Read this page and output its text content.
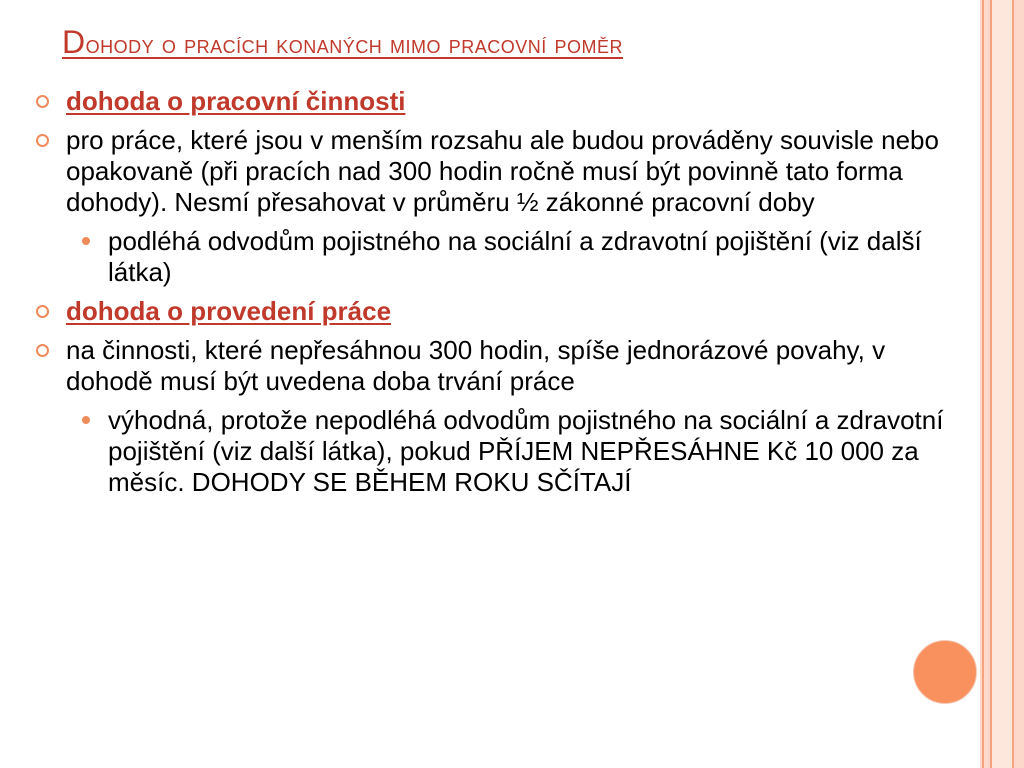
Dohody o pracích konaných mimo pracovní poměr
dohoda o pracovní činnosti
pro práce, které jsou v menším rozsahu ale budou prováděny souvisle nebo opakovaně (při pracích nad 300 hodin ročně musí být povinně tato forma dohody). Nesmí přesahovat v průměru ½ zákonné pracovní doby
podléhá odvodům pojistného na sociální a zdravotní pojištění (viz další látka)
dohoda o provedení práce
na činnosti, které nepřesáhnou 300 hodin, spíše jednorázové povahy, v dohodě musí být uvedena doba trvání práce
výhodná, protože nepodléhá odvodům pojistného na sociální a zdravotní pojištění (viz další látka), pokud PŘÍJEM NEPŘESÁHNE Kč 10 000 za měsíc. DOHODY SE BĚHEM ROKU SČÍTAJÍ
